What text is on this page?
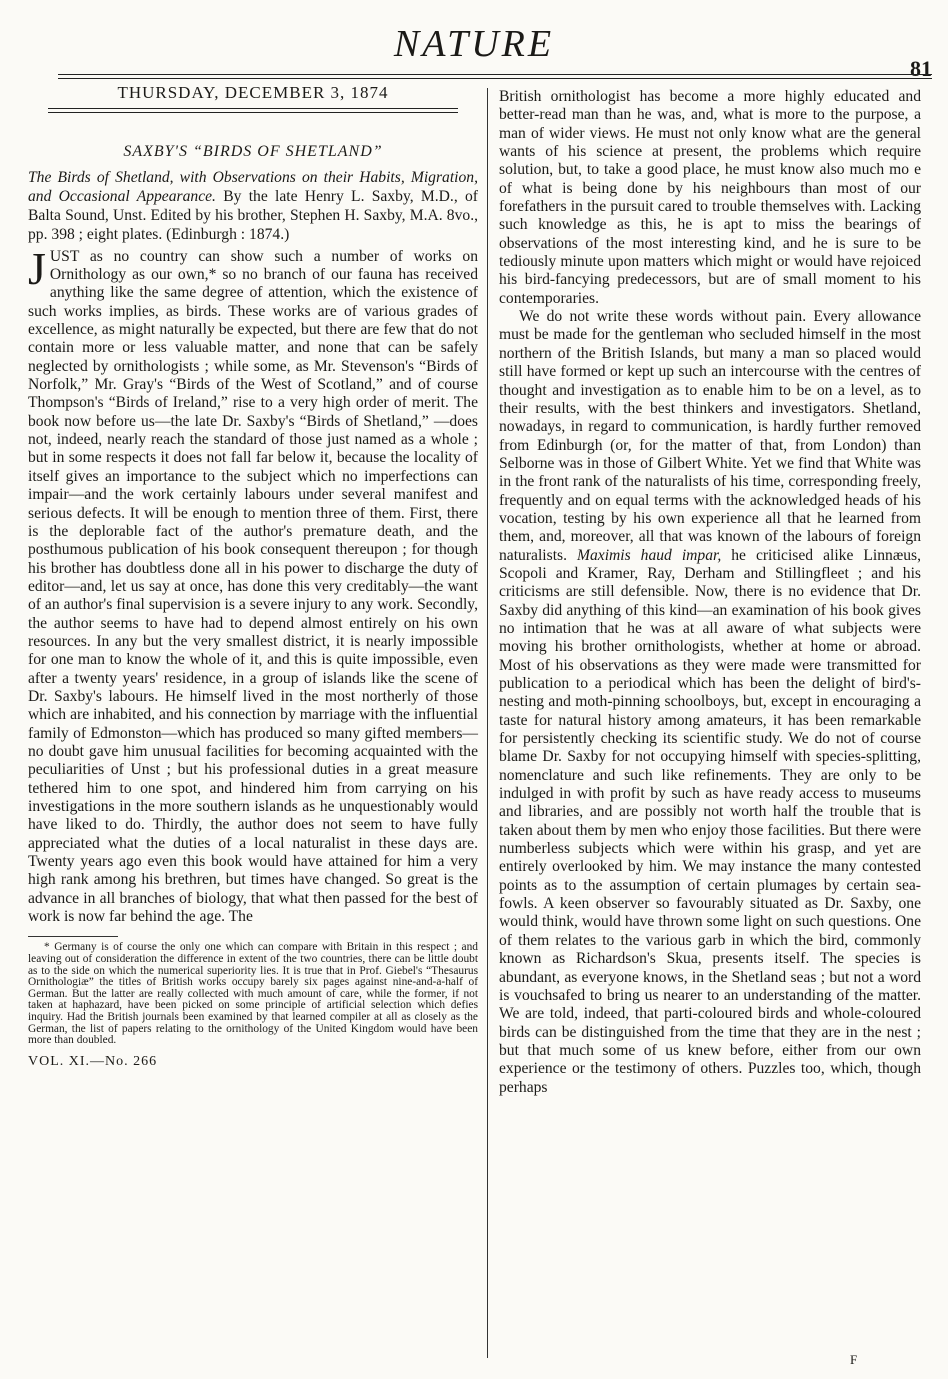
NATURE
81
THURSDAY, DECEMBER 3, 1874
SAXBY'S “BIRDS OF SHETLAND”

The Birds of Shetland, with Observations on their Habits, Migration, and Occasional Appearance. By the late Henry L. Saxby, M.D., of Balta Sound, Unst. Edited by his brother, Stephen H. Saxby, M.A. 8vo., pp. 398 ; eight plates. (Edinburgh : 1874.)

JUST as no country can show such a number of works on Ornithology as our own,* so no branch of our fauna has received anything like the same degree of attention, which the existence of such works implies, as birds. These works are of various grades of excellence, as might naturally be expected, but there are few that do not contain more or less valuable matter, and none that can be safely neglected by ornithologists ; while some, as Mr. Stevenson's “Birds of Norfolk,” Mr. Gray's “Birds of the West of Scotland,” and of course Thompson's “Birds of Ireland,” rise to a very high order of merit. The book now before us—the late Dr. Saxby's “Birds of Shetland,” —does not, indeed, nearly reach the standard of those just named as a whole ; but in some respects it does not fall far below it, because the locality of itself gives an importance to the subject which no imperfections can impair—and the work certainly labours under several manifest and serious defects. It will be enough to mention three of them. First, there is the deplorable fact of the author's premature death, and the posthumous publication of his book consequent thereupon ; for though his brother has doubtless done all in his power to discharge the duty of editor—and, let us say at once, has done this very creditably—the want of an author's final supervision is a severe injury to any work. Secondly, the author seems to have had to depend almost entirely on his own resources. In any but the very smallest district, it is nearly impossible for one man to know the whole of it, and this is quite impossible, even after a twenty years' residence, in a group of islands like the scene of Dr. Saxby's labours. He himself lived in the most northerly of those which are inhabited, and his connection by marriage with the influential family of Edmonston—which has produced so many gifted members—no doubt gave him unusual facilities for becoming acquainted with the peculiarities of Unst ; but his professional duties in a great measure tethered him to one spot, and hindered him from carrying on his investigations in the more southern islands as he unquestionably would have liked to do. Thirdly, the author does not seem to have fully appreciated what the duties of a local naturalist in these days are. Twenty years ago even this book would have attained for him a very high rank among his brethren, but times have changed. So great is the advance in all branches of biology, that what then passed for the best of work is now far behind the age. The

* Germany is of course the only one which can compare with Britain in this respect ; and leaving out of consideration the difference in extent of the two countries, there can be little doubt as to the side on which the numerical superiority lies. It is true that in Prof. Giebel's “Thesaurus Ornithologiæ” the titles of British works occupy barely six pages against nine-and-a-half of German. But the latter are really collected with much amount of care, while the former, if not taken at haphazard, have been picked on some principle of artificial selection which defies inquiry. Had the British journals been examined by that learned compiler at all as closely as the German, the list of papers relating to the ornithology of the United Kingdom would have been more than doubled.

VOL. XI.—No. 266

British ornithologist has become a more highly educated and better-read man than he was, and, what is more to the purpose, a man of wider views. He must not only know what are the general wants of his science at present, the problems which require solution, but, to take a good place, he must know also much mo e of what is being done by his neighbours than most of our forefathers in the pursuit cared to trouble themselves with. Lacking such knowledge as this, he is apt to miss the bearings of observations of the most interesting kind, and he is sure to be tediously minute upon matters which might or would have rejoiced his bird-fancying predecessors, but are of small moment to his contemporaries.

We do not write these words without pain. Every allowance must be made for the gentleman who secluded himself in the most northern of the British Islands, but many a man so placed would still have formed or kept up such an intercourse with the centres of thought and investigation as to enable him to be on a level, as to their results, with the best thinkers and investigators. Shetland, nowadays, in regard to communication, is hardly further removed from Edinburgh (or, for the matter of that, from London) than Selborne was in those of Gilbert White. Yet we find that White was in the front rank of the naturalists of his time, corresponding freely, frequently and on equal terms with the acknowledged heads of his vocation, testing by his own experience all that he learned from them, and, moreover, all that was known of the labours of foreign naturalists. Maximis haud impar, he criticised alike Linnæus, Scopoli and Kramer, Ray, Derham and Stillingfleet ; and his criticisms are still defensible. Now, there is no evidence that Dr. Saxby did anything of this kind—an examination of his book gives no intimation that he was at all aware of what subjects were moving his brother ornithologists, whether at home or abroad. Most of his observations as they were made were transmitted for publication to a periodical which has been the delight of bird's-nesting and moth-pinning schoolboys, but, except in encouraging a taste for natural history among amateurs, it has been remarkable for persistently checking its scientific study. We do not of course blame Dr. Saxby for not occupying himself with species-splitting, nomenclature and such like refinements. They are only to be indulged in with profit by such as have ready access to museums and libraries, and are possibly not worth half the trouble that is taken about them by men who enjoy those facilities. But there were numberless subjects which were within his grasp, and yet are entirely overlooked by him. We may instance the many contested points as to the assumption of certain plumages by certain sea-fowls. A keen observer so favourably situated as Dr. Saxby, one would think, would have thrown some light on such questions. One of them relates to the various garb in which the bird, commonly known as Richardson's Skua, presents itself. The species is abundant, as everyone knows, in the Shetland seas ; but not a word is vouchsafed to bring us nearer to an understanding of the matter. We are told, indeed, that parti-coloured birds and whole-coloured birds can be distinguished from the time that they are in the nest ; but that much some of us knew before, either from our own experience or the testimony of others. Puzzles too, which, though perhaps

F
